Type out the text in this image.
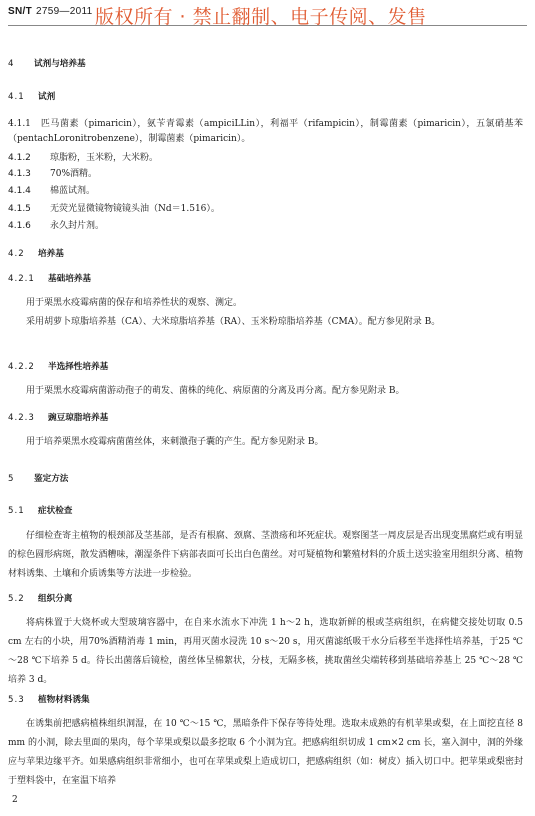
SN/T 2759—2011 版权所有 · 禁止翻制、电子传阅、发售
4 试剂与培养基
4.1 试剂

4.1.1　匹马菌素（pimaricin），氨苄青霉素（ampiciLLin），利福平（rifampicin），制霉菌素（pimaricin），五氯硝基苯（pentachLoronitrobenzene），制霉菌素（pimaricin）。

4.1.2 琼脂粉，玉米粉，大米粉。
4.1.3 70%酒精。
4.1.4 棉蓝试剂。
4.1.5 无荧光显微镜物镜镜头油（Nd＝1.516）。
4.1.6 永久封片剂。
4.2 培养基
4.2.1 基础培养基

用于栗黑水疫霉病菌的保存和培养性状的观察、测定。

采用胡萝卜琼脂培养基（CA）、大米琼脂培养基（RA）、玉米粉琼脂培养基（CMA）。配方参见附录 B。

4.2.2 半选择性培养基

用于栗黑水疫霉病菌游动孢子的萌发、菌株的纯化、病原菌的分离及再分离。配方参见附录 B。

4.2.3 豌豆琼脂培养基

用于培养栗黑水疫霉病菌菌丝体，来刺激孢子囊的产生。配方参见附录 B。

5 鉴定方法
5.1 症状检查

仔细检查寄主植物的根颈部及茎基部，是否有根腐、颈腐、茎溃疡和坏死症状。观察图茎一周皮层是否出现变黑腐烂或有明显的棕色圆形病斑，散发酒糟味，潮湿条件下病部表面可长出白色菌丝。对可疑植物和繁殖材料的介质土送实验室用组织分离、植物材料诱集、土壤和介质诱集等方法进一步检验。

5.2 组织分离

将病株置于大烧杯或大型玻璃容器中，在自来水流水下冲洗 1 h～2 h，选取新鲜的根或茎病组织，在病健交接处切取 0.5 cm 左右的小块，用70%酒精消毒 1 min，再用灭菌水浸洗 10 s～20 s，用灭菌滤纸吸干水分后移至半选择性培养基，于25 ℃～28 ℃下培养 5 d。待长出菌落后镜检，菌丝体呈棉絮状，分枝，无隔多核，挑取菌丝尖端转移到基础培养基上 25 ℃～28 ℃ 培养 3 d。

5.3 植物材料诱集

在诱集前把感病植株组织洞湿，在 10 ℃～15 ℃，黑暗条件下保存等待处理。选取未成熟的有机苹果或梨，在上面挖直径 8 mm 的小洞，除去里面的果肉，每个苹果或梨以最多挖取 6 个小洞为宜。把感病组织切成 1 cm×2 cm 长，塞入洞中，洞的外缘应与苹果边缘平齐。如果感病组织非常细小，也可在苹果或梨上造成切口，把感病组织（如：树皮）插入切口中。把苹果或梨密封于塑料袋中，在室温下培养

2
